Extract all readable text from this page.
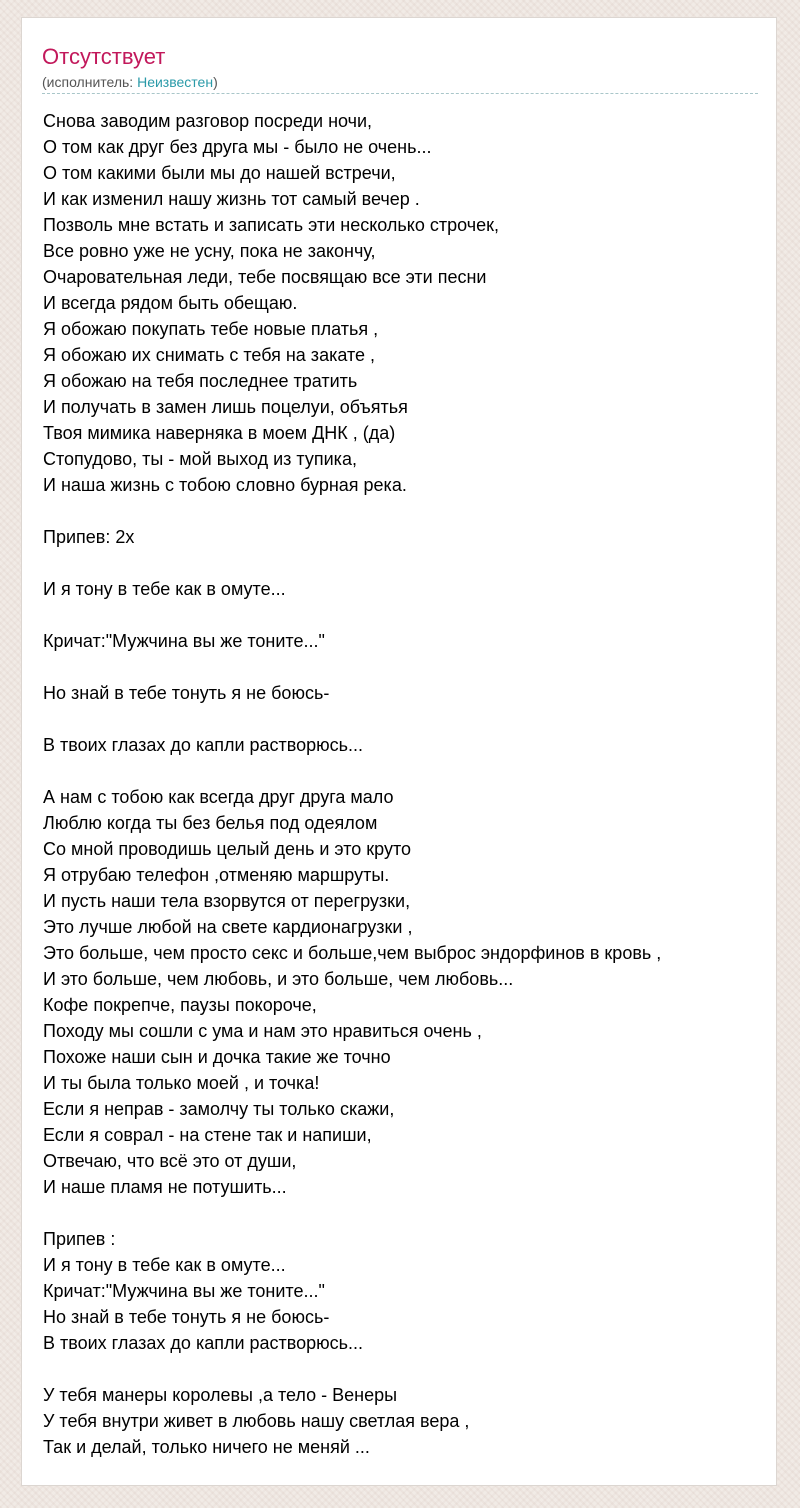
Отсутствует
(исполнитель: Неизвестен)
Снова заводим разговор посреди ночи,
О том как друг без друга мы - было не очень...
О том какими были мы до нашей встречи,
И как изменил нашу жизнь тот самый вечер .
Позволь мне встать и записать эти несколько строчек,
Все ровно уже не усну, пока не закончу,
Очаровательная леди, тебе посвящаю все эти песни
И всегда рядом быть обещаю.
Я обожаю покупать тебе новые платья ,
Я обожаю их снимать с тебя на закате ,
Я обожаю на тебя последнее тратить
И получать в замен лишь поцелуи, объятья
Твоя мимика наверняка в моем ДНК , (да)
Стопудово, ты - мой выход из тупика,
И наша жизнь с тобою словно бурная река.
Припев: 2х
И я тону в тебе как в омуте...
Кричат:"Мужчина вы же тоните..."
Но знай в тебе тонуть я не боюсь-
В твоих глазах до капли растворюсь...
А нам с тобою как всегда друг друга мало
Люблю когда ты без белья под одеялом
Со мной проводишь целый день и это круто
Я отрубаю телефон ,отменяю маршруты.
И пусть наши тела взорвутся от перегрузки,
Это лучше любой на свете кардионагрузки ,
Это больше, чем просто секс и больше,чем выброс эндорфинов в кровь ,
И это больше, чем любовь, и это больше, чем любовь...
Кофе покрепче, паузы покороче,
Походу мы сошли с ума и нам это нравиться очень ,
Похоже наши сын и дочка такие же точно
И ты была только моей , и точка!
Если я неправ - замолчу ты только скажи,
Если я соврал - на стене так и напиши,
Отвечаю, что всё это от души,
И наше пламя не потушить...
Припев :
И я тону в тебе как в омуте...
Кричат:"Мужчина вы же тоните..."
Но знай в тебе тонуть я не боюсь-
В твоих глазах до капли растворюсь...
У тебя манеры королевы ,а тело - Венеры
У тебя внутри живет в любовь нашу светлая вера ,
Так и делай, только ничего не меняй ...
